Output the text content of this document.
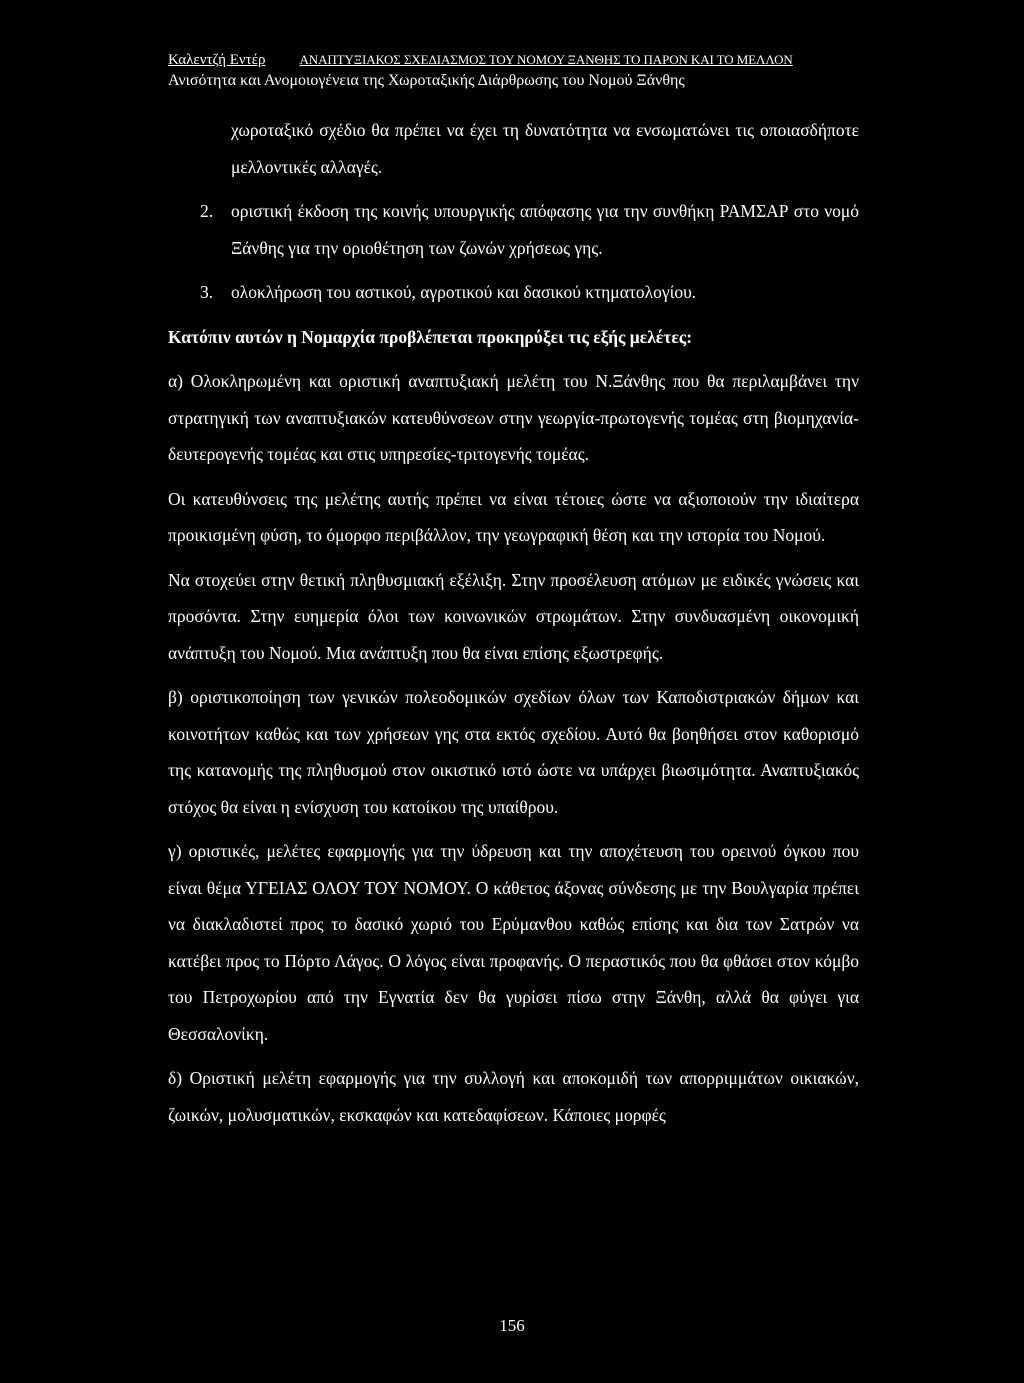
Καλεντζή Εντέρ	ΑΝΑΠΤΥΞΙΑΚΟΣ ΣΧΕΔΙΑΣΜΟΣ ΤΟΥ ΝΟΜΟΥ ΞΑΝΘΗΣ ΤΟ ΠΑΡΟΝ ΚΑΙ ΤΟ ΜΕΛΛΟΝ
Ανισότητα και Ανομοιογένεια της Χωροταξικής Διάρθρωσης του Νομού Ξάνθης

χωροταξικό σχέδιο θα πρέπει να έχει τη δυνατότητα να ενσωματώνει τις οποιασδήποτε μελλοντικές αλλαγές.

2. οριστική έκδοση της κοινής υπουργικής απόφασης για την συνθήκη ΡΑΜΣΑΡ στο νομό Ξάνθης για την οριοθέτηση των ζωνών χρήσεως γης.

3. ολοκλήρωση του αστικού, αγροτικού και δασικού κτηματολογίου.

Κατόπιν αυτών η Νομαρχία προβλέπεται προκηρύξει τις εξής μελέτες:

α) Ολοκληρωμένη και οριστική αναπτυξιακή μελέτη του Ν.Ξάνθης που θα περιλαμβάνει την στρατηγική των αναπτυξιακών κατευθύνσεων στην γεωργία-πρωτογενής τομέας στη βιομηχανία-δευτερογενής τομέας και στις υπηρεσίες-τριτογενής τομέας.

Οι κατευθύνσεις της μελέτης αυτής πρέπει να είναι τέτοιες ώστε να αξιοποιούν την ιδιαίτερα προικισμένη φύση, το όμορφο περιβάλλον, την γεωγραφική θέση και την ιστορία του Νομού.

Να στοχεύει στην θετική πληθυσμιακή εξέλιξη. Στην προσέλευση ατόμων με ειδικές γνώσεις και προσόντα. Στην ευημερία όλοι των κοινωνικών στρωμάτων. Στην συνδυασμένη οικονομική ανάπτυξη του Νομού. Μια ανάπτυξη που θα είναι επίσης εξωστρεφής.

β) οριστικοποίηση των γενικών πολεοδομικών σχεδίων όλων των Καποδιστριακών δήμων και κοινοτήτων καθώς και των χρήσεων γης στα εκτός σχεδίου. Αυτό θα βοηθήσει στον καθορισμό της κατανομής της πληθυσμού στον οικιστικό ιστό ώστε να υπάρχει βιωσιμότητα. Αναπτυξιακός στόχος θα είναι η ενίσχυση του κατοίκου της υπαίθρου.

γ) οριστικές, μελέτες εφαρμογής για την ύδρευση και την αποχέτευση του ορεινού όγκου που είναι θέμα ΥΓΕΙΑΣ ΟΛΟΥ ΤΟΥ ΝΟΜΟΥ. Ο κάθετος άξονας σύνδεσης με την Βουλγαρία πρέπει να διακλαδιστεί προς το δασικό χωριό του Ερύμανθου καθώς επίσης και δια των Σατρών να κατέβει προς το Πόρτο Λάγος. Ο λόγος είναι προφανής. Ο περαστικός που θα φθάσει στον κόμβο του Πετροχωρίου από την Εγνατία δεν θα γυρίσει πίσω στην Ξάνθη, αλλά θα φύγει για Θεσσαλονίκη.

δ) Οριστική μελέτη εφαρμογής για την συλλογή και αποκομιδή των απορριμμάτων οικιακών, ζωικών, μολυσματικών, εκσκαφών και κατεδαφίσεων. Κάποιες μορφές

156
